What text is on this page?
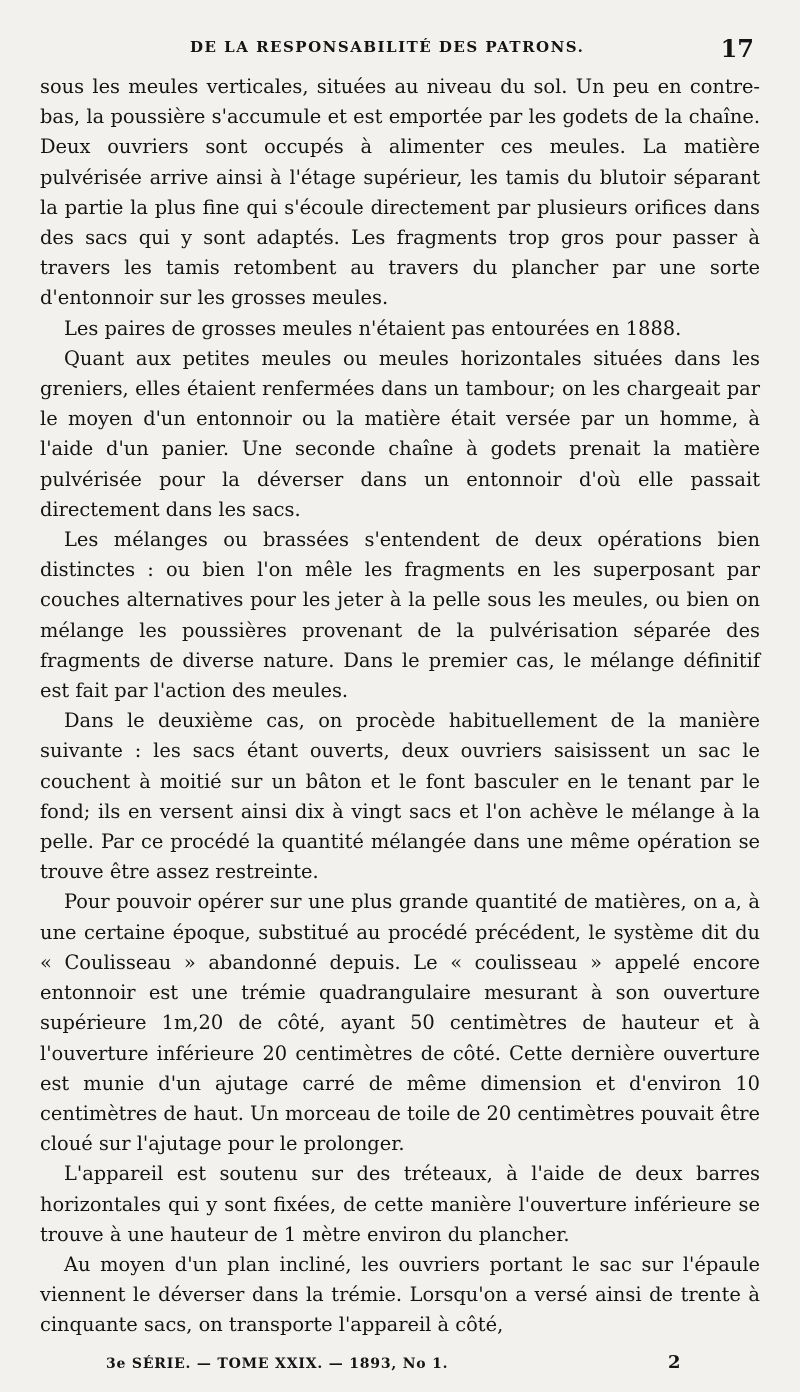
DE LA RESPONSABILITÉ DES PATRONS.	17

sous les meules verticales, situées au niveau du sol. Un peu en contre-bas, la poussière s'accumule et est emportée par les godets de la chaîne. Deux ouvriers sont occupés à alimenter ces meules. La matière pulvérisée arrive ainsi à l'étage supérieur, les tamis du blutoir séparant la partie la plus fine qui s'écoule directement par plusieurs orifices dans des sacs qui y sont adaptés. Les fragments trop gros pour passer à travers les tamis retombent au travers du plancher par une sorte d'entonnoir sur les grosses meules.

Les paires de grosses meules n'étaient pas entourées en 1888.

Quant aux petites meules ou meules horizontales situées dans les greniers, elles étaient renfermées dans un tambour; on les chargeait par le moyen d'un entonnoir ou la matière était versée par un homme, à l'aide d'un panier. Une seconde chaîne à godets prenait la matière pulvérisée pour la déverser dans un entonnoir d'où elle passait directement dans les sacs.

Les mélanges ou brassées s'entendent de deux opérations bien distinctes : ou bien l'on mêle les fragments en les superposant par couches alternatives pour les jeter à la pelle sous les meules, ou bien on mélange les poussières provenant de la pulvérisation séparée des fragments de diverse nature. Dans le premier cas, le mélange définitif est fait par l'action des meules.

Dans le deuxième cas, on procède habituellement de la manière suivante : les sacs étant ouverts, deux ouvriers saisissent un sac le couchent à moitié sur un bâton et le font basculer en le tenant par le fond; ils en versent ainsi dix à vingt sacs et l'on achève le mélange à la pelle. Par ce procédé la quantité mélangée dans une même opération se trouve être assez restreinte.

Pour pouvoir opérer sur une plus grande quantité de matières, on a, à une certaine époque, substitué au procédé précédent, le système dit du « Coulisseau » abandonné depuis. Le « coulisseau » appelé encore entonnoir est une trémie quadrangulaire mesurant à son ouverture supérieure 1m,20 de côté, ayant 50 centimètres de hauteur et à l'ouverture inférieure 20 centimètres de côté. Cette dernière ouverture est munie d'un ajutage carré de même dimension et d'environ 10 centimètres de haut. Un morceau de toile de 20 centimètres pouvait être cloué sur l'ajutage pour le prolonger.

L'appareil est soutenu sur des tréteaux, à l'aide de deux barres horizontales qui y sont fixées, de cette manière l'ouverture inférieure se trouve à une hauteur de 1 mètre environ du plancher.

Au moyen d'un plan incliné, les ouvriers portant le sac sur l'épaule viennent le déverser dans la trémie. Lorsqu'on a versé ainsi de trente à cinquante sacs, on transporte l'appareil à côté,

3e SÉRIE. — TOME XXIX. — 1893, No 1.	2
